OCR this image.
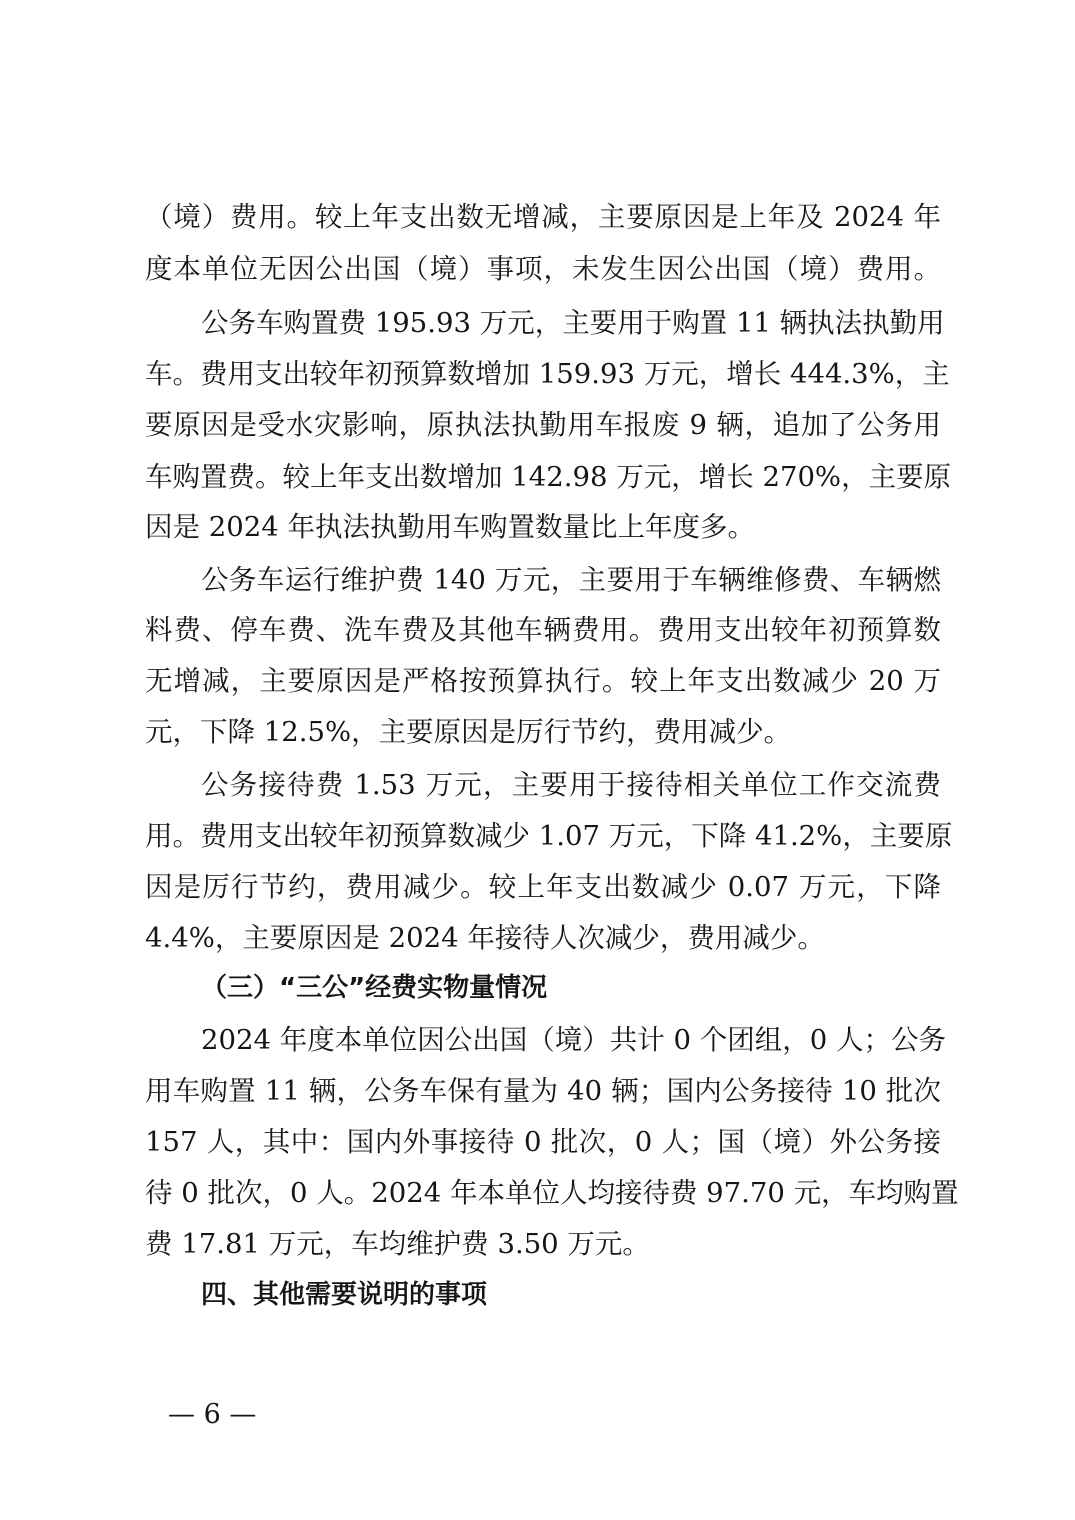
（境）费用。较上年支出数无增减，主要原因是上年及 2024 年
度本单位无因公出国（境）事项，未发生因公出国（境）费用。
公务车购置费 195.93 万元，主要用于购置 11 辆执法执勤用
车。费用支出较年初预算数增加 159.93 万元，增长 444.3%，主
要原因是受水灾影响，原执法执勤用车报废 9 辆，追加了公务用
车购置费。较上年支出数增加 142.98 万元，增长 270%，主要原
因是 2024 年执法执勤用车购置数量比上年度多。
公务车运行维护费 140 万元，主要用于车辆维修费、车辆燃
料费、停车费、洗车费及其他车辆费用。费用支出较年初预算数
无增减，主要原因是严格按预算执行。较上年支出数减少 20 万
元，下降 12.5%，主要原因是厉行节约，费用减少。
公务接待费 1.53 万元，主要用于接待相关单位工作交流费
用。费用支出较年初预算数减少 1.07 万元，下降 41.2%，主要原
因是厉行节约，费用减少。较上年支出数减少 0.07 万元，下降
4.4%，主要原因是 2024 年接待人次减少，费用减少。
（三）“三公”经费实物量情况
2024 年度本单位因公出国（境）共计 0 个团组，0 人；公务
用车购置 11 辆，公务车保有量为 40 辆；国内公务接待 10 批次
157 人，其中：国内外事接待 0 批次，0 人；国（境）外公务接
待 0 批次，0 人。2024 年本单位人均接待费 97.70 元，车均购置
费 17.81 万元，车均维护费 3.50 万元。
四、其他需要说明的事项
— 6 —
